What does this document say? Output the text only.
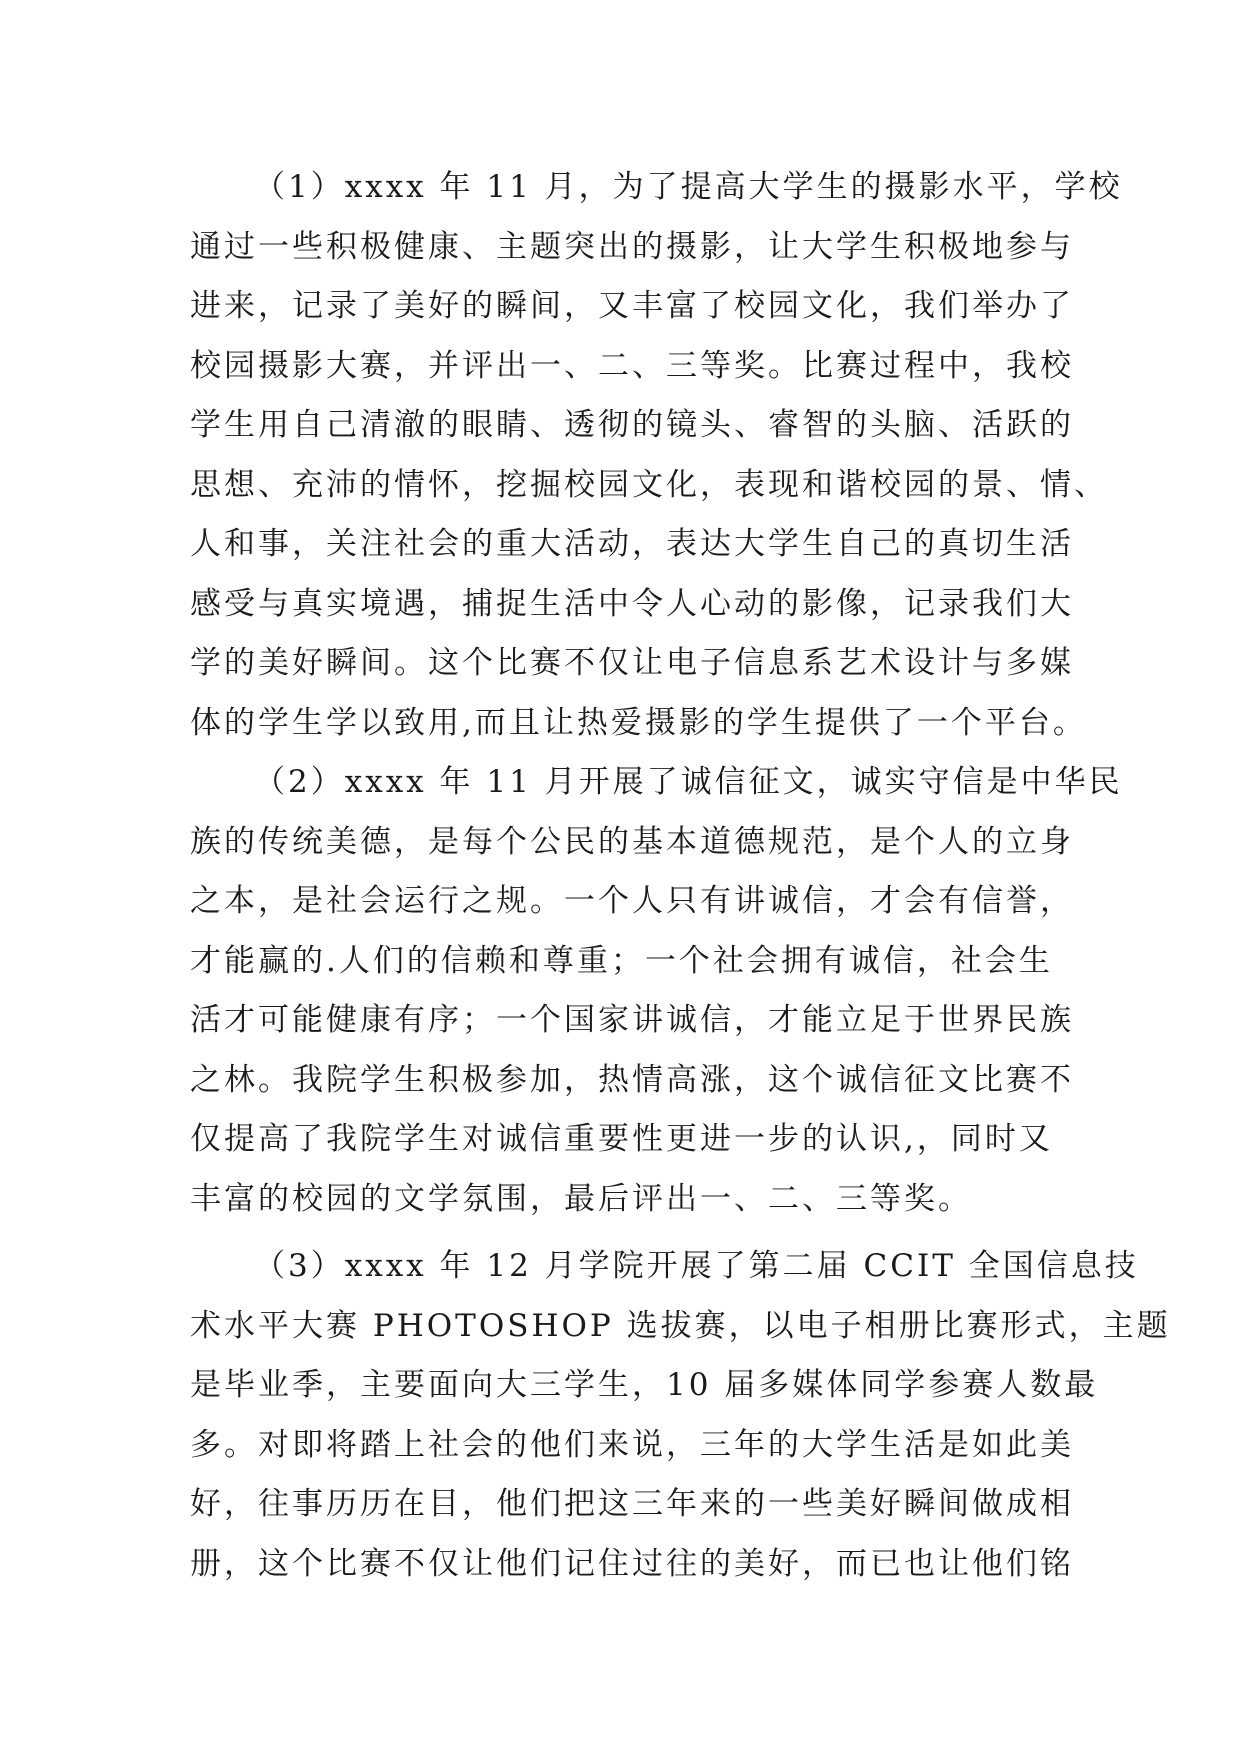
（1）xxxx 年 11 月，为了提高大学生的摄影水平，学校
通过一些积极健康、主题突出的摄影，让大学生积极地参与
进来，记录了美好的瞬间，又丰富了校园文化，我们举办了
校园摄影大赛，并评出一、二、三等奖。比赛过程中，我校
学生用自己清澈的眼睛、透彻的镜头、睿智的头脑、活跃的
思想、充沛的情怀，挖掘校园文化，表现和谐校园的景、情、
人和事，关注社会的重大活动，表达大学生自己的真切生活
感受与真实境遇，捕捉生活中令人心动的影像，记录我们大
学的美好瞬间。这个比赛不仅让电子信息系艺术设计与多媒
体的学生学以致用,而且让热爱摄影的学生提供了一个平台。
（2）xxxx 年 11 月开展了诚信征文，诚实守信是中华民
族的传统美德，是每个公民的基本道德规范，是个人的立身
之本，是社会运行之规。一个人只有讲诚信，才会有信誉，
才能赢的.人们的信赖和尊重；一个社会拥有诚信，社会生
活才可能健康有序；一个国家讲诚信，才能立足于世界民族
之林。我院学生积极参加，热情高涨，这个诚信征文比赛不
仅提高了我院学生对诚信重要性更进一步的认识,，同时又
丰富的校园的文学氛围，最后评出一、二、三等奖。
（3）xxxx 年 12 月学院开展了第二届 CCIT 全国信息技
术水平大赛 PHOTOSHOP 选拔赛，以电子相册比赛形式，主题
是毕业季，主要面向大三学生，10 届多媒体同学参赛人数最
多。对即将踏上社会的他们来说，三年的大学生活是如此美
好，往事历历在目，他们把这三年来的一些美好瞬间做成相
册，这个比赛不仅让他们记住过往的美好，而已也让他们铭
